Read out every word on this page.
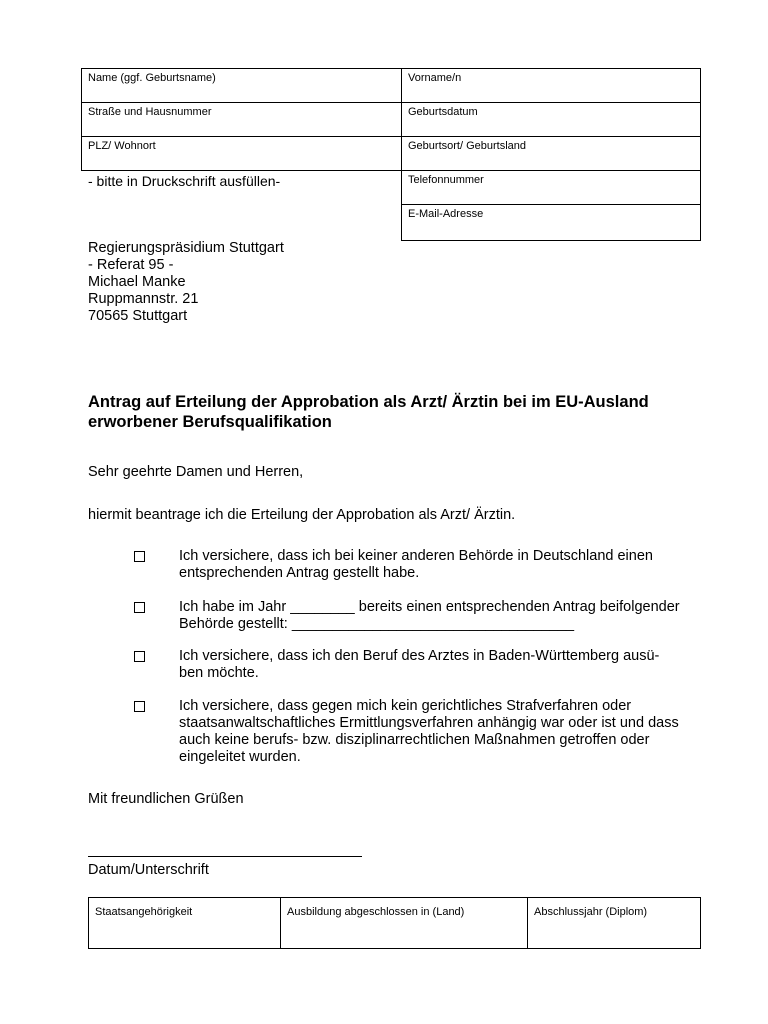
Name (ggf. Geburtsname)	Vorname/n
Straße und Hausnummer	Geburtsdatum
PLZ/ Wohnort	Geburtsort/ Geburtsland
Telefonnummer
E-Mail-Adresse
- bitte in Druckschrift ausfüllen-
Regierungspräsidium Stuttgart
- Referat 95 -
Michael Manke
Ruppmannstr. 21
70565 Stuttgart
Antrag auf Erteilung der Approbation als Arzt/ Ärztin bei im EU-Ausland
erworbener Berufsqualifikation
Sehr geehrte Damen und Herren,
hiermit beantrage ich die Erteilung der Approbation als Arzt/ Ärztin.
Ich versichere, dass ich bei keiner anderen Behörde in Deutschland einen
entsprechenden Antrag gestellt habe.
Ich habe im Jahr ________ bereits einen entsprechenden Antrag beifolgender
Behörde gestellt: ___________________________________
Ich versichere, dass ich den Beruf des Arztes in Baden-Württemberg ausü-
ben möchte.
Ich versichere, dass gegen mich kein gerichtliches Strafverfahren oder
staatsanwaltschaftliches Ermittlungsverfahren anhängig war oder ist und dass
auch keine berufs- bzw. disziplinarrechtlichen Maßnahmen getroffen oder
eingeleitet wurden.
Mit freundlichen Grüßen
Datum/Unterschrift
Staatsangehörigkeit	Ausbildung abgeschlossen in (Land)	Abschlussjahr (Diplom)
